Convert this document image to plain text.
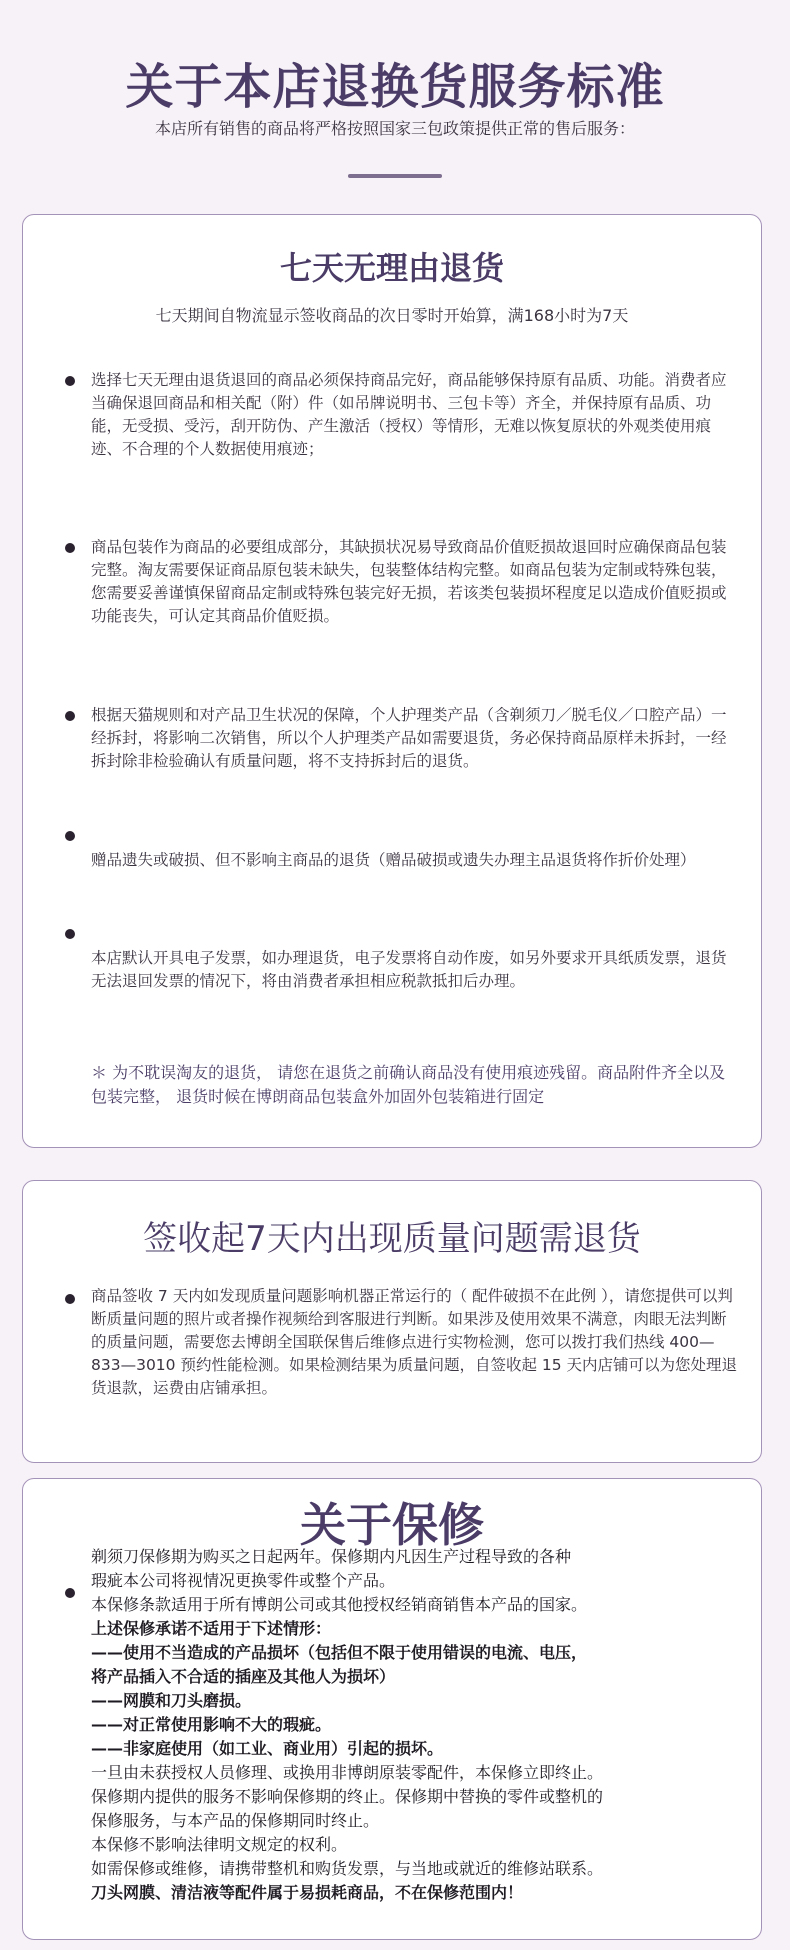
关于本店退换货服务标准
本店所有销售的商品将严格按照国家三包政策提供正常的售后服务：
七天无理由退货
七天期间自物流显示签收商品的次日零时开始算，满168小时为7天
选择七天无理由退货退回的商品必须保持商品完好，商品能够保持原有品质、功能。消费者应当确保退回商品和相关配（附）件（如吊牌说明书、三包卡等）齐全，并保持原有品质、功能，无受损、受污，刮开防伪、产生激活（授权）等情形，无难以恢复原状的外观类使用痕迹、不合理的个人数据使用痕迹；
商品包装作为商品的必要组成部分，其缺损状况易导致商品价值贬损故退回时应确保商品包装完整。淘友需要保证商品原包装未缺失，包装整体结构完整。如商品包装为定制或特殊包装，您需要妥善谨慎保留商品定制或特殊包装完好无损，若该类包装损坏程度足以造成价值贬损或功能丧失，可认定其商品价值贬损。
根据天猫规则和对产品卫生状况的保障，个人护理类产品（含剃须刀／脱毛仪／口腔产品）一经拆封，将影响二次销售，所以个人护理类产品如需要退货，务必保持商品原样未拆封，一经拆封除非检验确认有质量问题，将不支持拆封后的退货。
赠品遗失或破损、但不影响主商品的退货（赠品破损或遗失办理主品退货将作折价处理）
本店默认开具电子发票，如办理退货，电子发票将自动作废，如另外要求开具纸质发票，退货无法退回发票的情况下，将由消费者承担相应税款抵扣后办理。
＊ 为不耽误淘友的退货， 请您在退货之前确认商品没有使用痕迹残留。商品附件齐全以及包装完整， 退货时候在博朗商品包装盒外加固外包装箱进行固定
签收起7天内出现质量问题需退货
商品签收 7 天内如发现质量问题影响机器正常运行的（ 配件破损不在此例 ），请您提供可以判断质量问题的照片或者操作视频给到客服进行判断。如果涉及使用效果不满意，肉眼无法判断的质量问题，需要您去博朗全国联保售后维修点进行实物检测，您可以拨打我们热线 400—833—3010 预约性能检测。如果检测结果为质量问题，自签收起 15 天内店铺可以为您处理退货退款，运费由店铺承担。
关于保修
剃须刀保修期为购买之日起两年。保修期内凡因生产过程导致的各种
瑕疵本公司将视情况更换零件或整个产品。
本保修条款适用于所有博朗公司或其他授权经销商销售本产品的国家。
上述保修承诺不适用于下述情形：
——使用不当造成的产品损坏（包括但不限于使用错误的电流、电压，
将产品插入不合适的插座及其他人为损坏）
——网膜和刀头磨损。
——对正常使用影响不大的瑕疵。
——非家庭使用（如工业、商业用）引起的损坏。
一旦由未获授权人员修理、或换用非博朗原装零配件，本保修立即终止。
保修期内提供的服务不影响保修期的终止。保修期中替换的零件或整机的
保修服务，与本产品的保修期同时终止。
本保修不影响法律明文规定的权利。
如需保修或维修，请携带整机和购货发票，与当地或就近的维修站联系。
刀头网膜、清洁液等配件属于易损耗商品，不在保修范围内！
